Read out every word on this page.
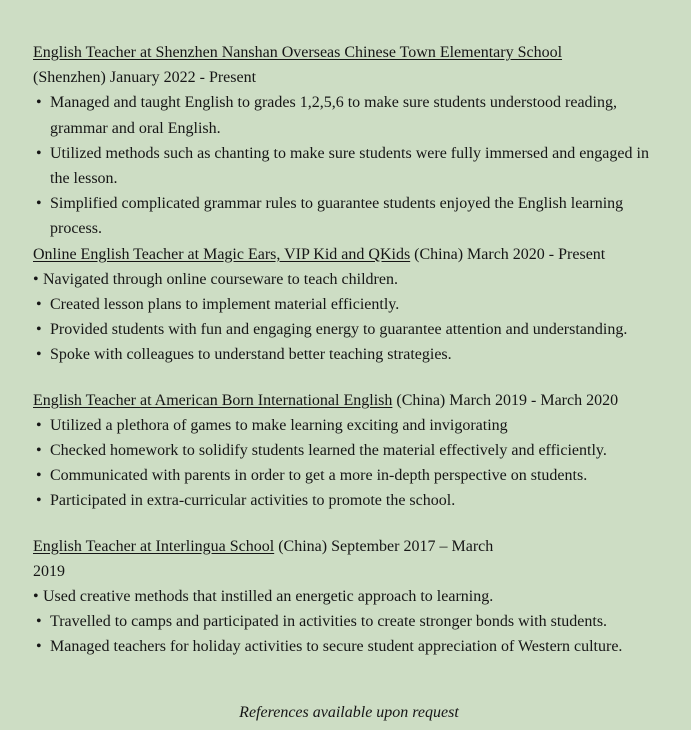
English Teacher at Shenzhen Nanshan Overseas Chinese Town Elementary School
(Shenzhen) January 2022 - Present
• Managed and taught English to grades 1,2,5,6 to make sure students understood reading, grammar and oral English.
• Utilized methods such as chanting to make sure students were fully immersed and engaged in the lesson.
• Simplified complicated grammar rules to guarantee students enjoyed the English learning process.
Online English Teacher at Magic Ears, VIP Kid and QKids (China) March 2020 - Present
• Navigated through online courseware to teach children.
• Created lesson plans to implement material efficiently.
• Provided students with fun and engaging energy to guarantee attention and understanding.
• Spoke with colleagues to understand better teaching strategies.
English Teacher at American Born International English (China) March 2019 - March 2020
• Utilized a plethora of games to make learning exciting and invigorating
• Checked homework to solidify students learned the material effectively and efficiently.
• Communicated with parents in order to get a more in-depth perspective on students.
• Participated in extra-curricular activities to promote the school.
English Teacher at Interlingua School (China) September 2017 – March
2019
• Used creative methods that instilled an energetic approach to learning.
• Travelled to camps and participated in activities to create stronger bonds with students.
• Managed teachers for holiday activities to secure student appreciation of Western culture.
References available upon request
